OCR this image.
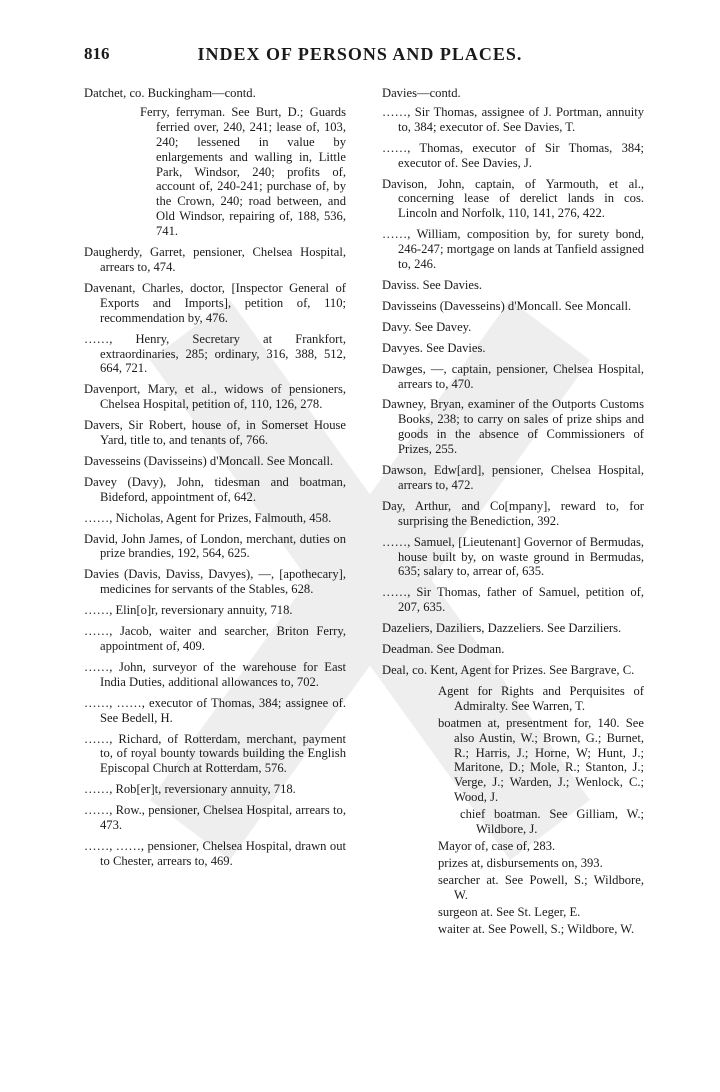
816	INDEX OF PERSONS AND PLACES.
Datchet, co. Buckingham—contd.
Ferry, ferryman. See Burt, D.; Guards ferried over, 240, 241; lease of, 103, 240; lessened in value by enlargements and walling in, Little Park, Windsor, 240; profits of, account of, 240-241; purchase of, by the Crown, 240; road between, and Old Windsor, repairing of, 188, 536, 741.
Daugherdy, Garret, pensioner, Chelsea Hospital, arrears to, 474.
Davenant, Charles, doctor, [Inspector General of Exports and Imports], petition of, 110; recommendation by, 476.
……, Henry, Secretary at Frankfort, extraordinaries, 285; ordinary, 316, 388, 512, 664, 721.
Davenport, Mary, et al., widows of pensioners, Chelsea Hospital, petition of, 110, 126, 278.
Davers, Sir Robert, house of, in Somerset House Yard, title to, and tenants of, 766.
Davesseins (Davisseins) d'Moncall. See Moncall.
Davey (Davy), John, tidesman and boatman, Bideford, appointment of, 642.
……, Nicholas, Agent for Prizes, Falmouth, 458.
David, John James, of London, merchant, duties on prize brandies, 192, 564, 625.
Davies (Davis, Daviss, Davyes), —, [apothecary], medicines for servants of the Stables, 628.
……, Elin[o]r, reversionary annuity, 718.
……, Jacob, waiter and searcher, Briton Ferry, appointment of, 409.
……, John, surveyor of the warehouse for East India Duties, additional allowances to, 702.
……, ……, executor of Thomas, 384; assignee of. See Bedell, H.
……, Richard, of Rotterdam, merchant, payment to, of royal bounty towards building the English Episcopal Church at Rotterdam, 576.
……, Rob[er]t, reversionary annuity, 718.
……, Row., pensioner, Chelsea Hospital, arrears to, 473.
……, ……, pensioner, Chelsea Hospital, drawn out to Chester, arrears to, 469.
Davies—contd.
……, Sir Thomas, assignee of J. Portman, annuity to, 384; executor of. See Davies, T.
……, Thomas, executor of Sir Thomas, 384; executor of. See Davies, J.
Davison, John, captain, of Yarmouth, et al., concerning lease of derelict lands in cos. Lincoln and Norfolk, 110, 141, 276, 422.
……, William, composition by, for surety bond, 246-247; mortgage on lands at Tanfield assigned to, 246.
Daviss. See Davies.
Davisseins (Davesseins) d'Moncall. See Moncall.
Davy. See Davey.
Davyes. See Davies.
Dawges, —, captain, pensioner, Chelsea Hospital, arrears to, 470.
Dawney, Bryan, examiner of the Outports Customs Books, 238; to carry on sales of prize ships and goods in the absence of Commissioners of Prizes, 255.
Dawson, Edw[ard], pensioner, Chelsea Hospital, arrears to, 472.
Day, Arthur, and Co[mpany], reward to, for surprising the Benediction, 392.
……, Samuel, [Lieutenant] Governor of Bermudas, house built by, on waste ground in Bermudas, 635; salary to, arrear of, 635.
……, Sir Thomas, father of Samuel, petition of, 207, 635.
Dazeliers, Daziliers, Dazzeliers. See Darziliers.
Deadman. See Dodman.
Deal, co. Kent, Agent for Prizes. See Bargrave, C.
Agent for Rights and Perquisites of Admiralty. See Warren, T.
boatmen at, presentment for, 140. See also Austin, W.; Brown, G.; Burnet, R.; Harris, J.; Horne, W; Hunt, J.; Maritone, D.; Mole, R.; Stanton, J.; Verge, J.; Warden, J.; Wenlock, C.; Wood, J.
chief boatman. See Gilliam, W.; Wildbore, J.
Mayor of, case of, 283.
prizes at, disbursements on, 393.
searcher at. See Powell, S.; Wildbore, W.
surgeon at. See St. Leger, E.
waiter at. See Powell, S.; Wildbore, W.
